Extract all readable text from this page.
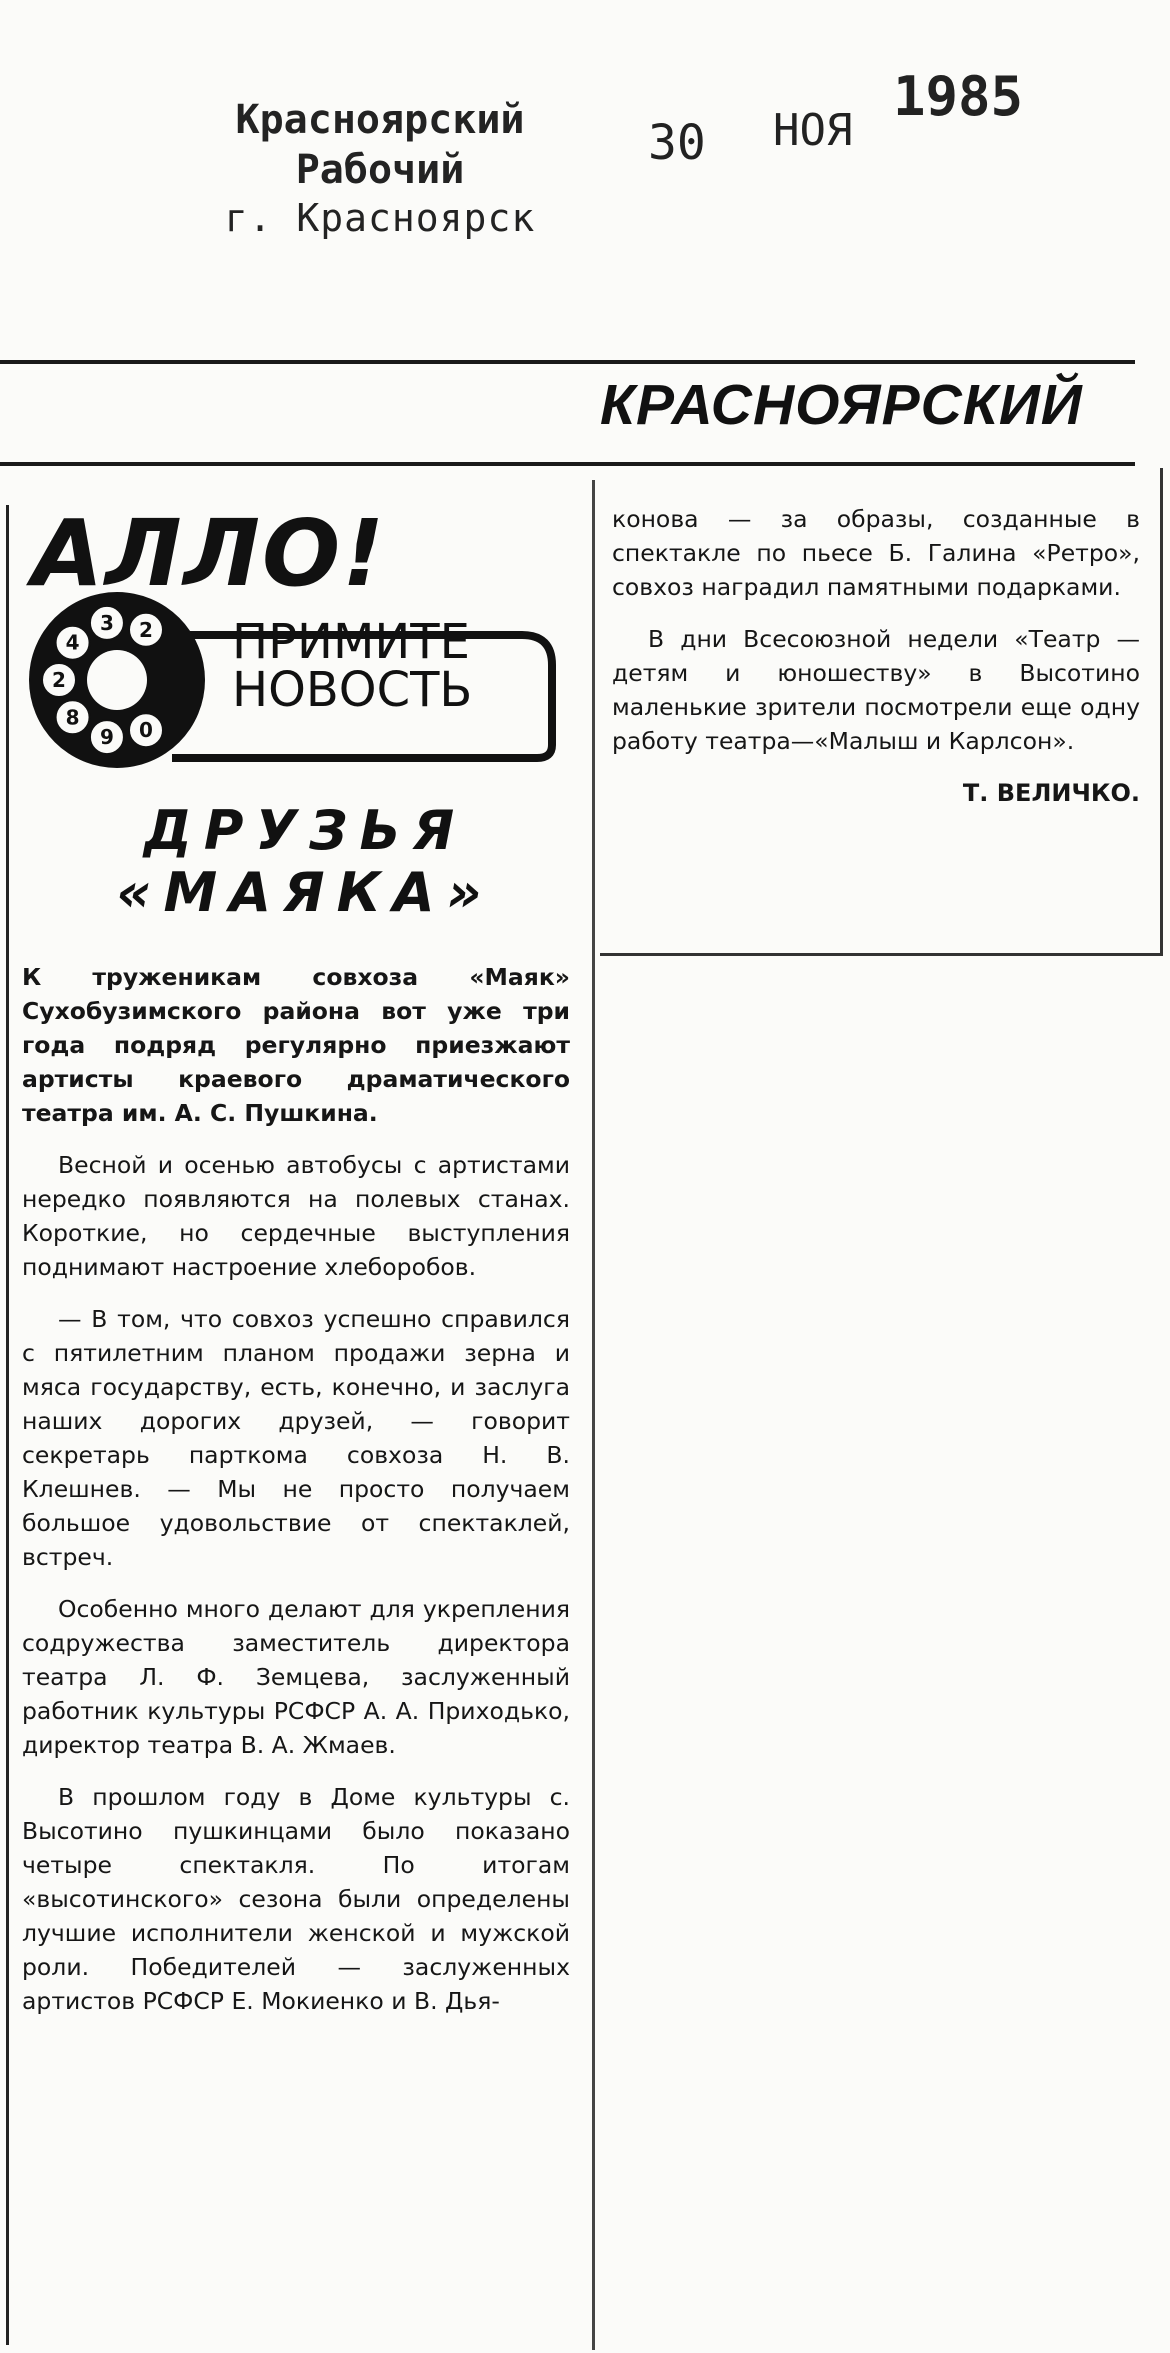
Красноярский Рабочий
г. Красноярск
30 НОЯ
1985
КРАСНОЯРСКИЙ
0
9
8
2
4
3 2
АЛЛО!
ПРИМИТЕ
НОВОСТЬ
ДРУЗЬЯ
«МАЯКА»

К труженикам совхоза «Маяк» Сухобузимского района вот уже три года подряд регулярно приезжают артисты краевого драматического театра им. А. С. Пушкина.

Весной и осенью автобусы с артистами нередко появляются на полевых станах. Короткие, но сердечные выступления поднимают настроение хлеборобов.

— В том, что совхоз успешно справился с пятилетним планом продажи зерна и мяса государству, есть, конечно, и заслуга наших дорогих друзей, — говорит секретарь парткома совхоза Н. В. Клешнев. — Мы не просто получаем большое удовольствие от спектаклей, встреч.

Особенно много делают для укрепления содружества заместитель директора театра Л. Ф. Земцева, заслуженный работник культуры РСФСР А. А. Приходько, директор театра В. А. Жмаев.

В прошлом году в Доме культуры с. Высотино пушкинцами было показано четыре спектакля. По итогам «высотинского» сезона были определены лучшие исполнители женской и мужской роли. Победителей — заслуженных артистов РСФСР Е. Мокиенко и В. Дья-

конова — за образы, созданные в спектакле по пьесе Б. Галина «Ретро», совхоз наградил памятными подарками.

В дни Всесоюзной недели «Театр — детям и юношеству» в Высотино маленькие зрители посмотрели еще одну работу театра—«Малыш и Карлсон».

Т. ВЕЛИЧКО.
